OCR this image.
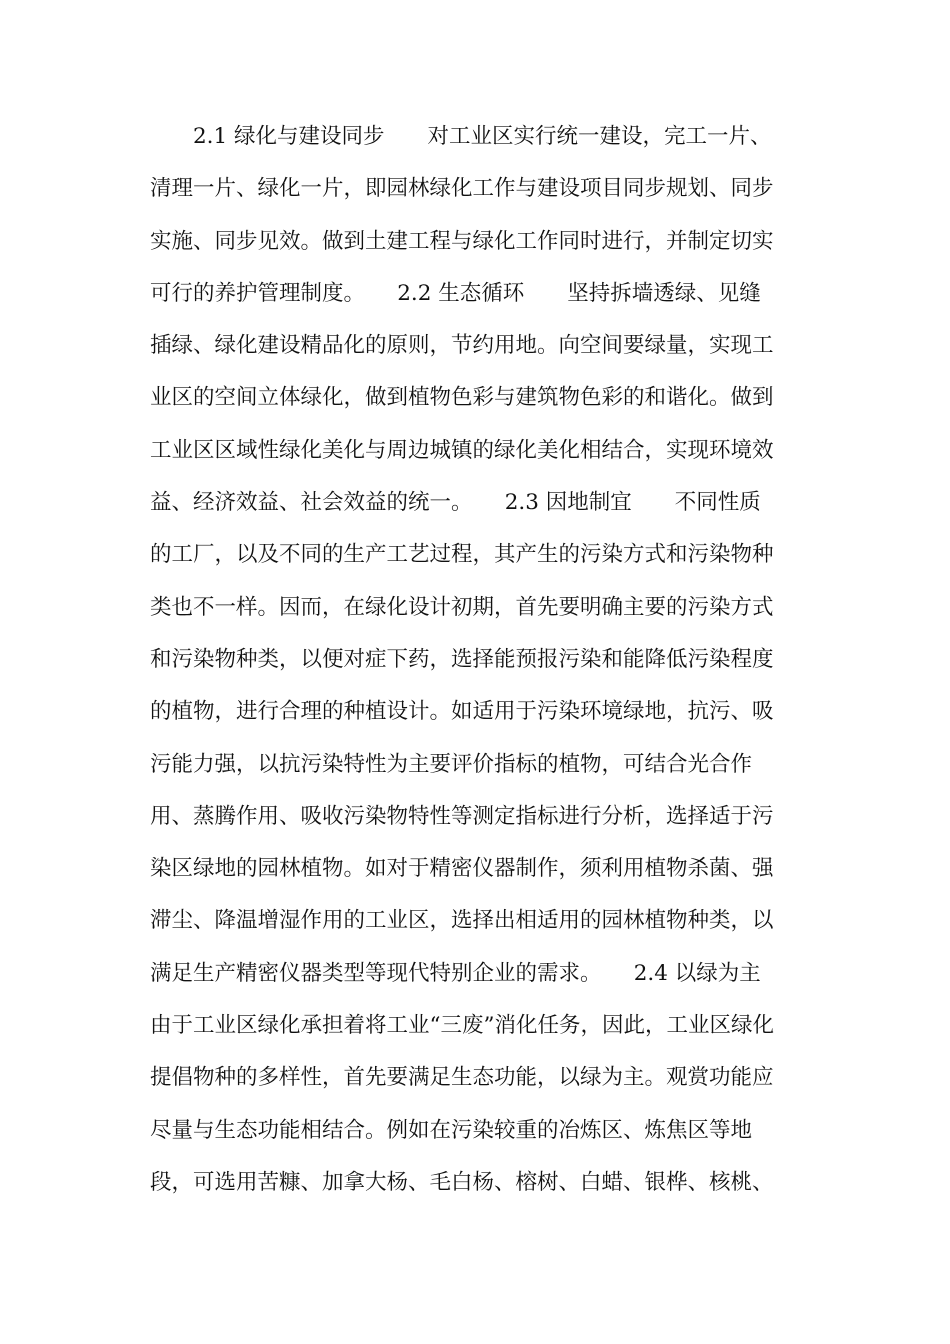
　　2.1 绿化与建设同步　　对工业区实行统一建设，完工一片、
清理一片、绿化一片，即园林绿化工作与建设项目同步规划、同步
实施、同步见效。做到土建工程与绿化工作同时进行，并制定切实
可行的养护管理制度。　　2.2 生态循环　　坚持拆墙透绿、见缝
插绿、绿化建设精品化的原则，节约用地。向空间要绿量，实现工
业区的空间立体绿化，做到植物色彩与建筑物色彩的和谐化。做到
工业区区域性绿化美化与周边城镇的绿化美化相结合，实现环境效
益、经济效益、社会效益的统一。　　2.3 因地制宜　　不同性质
的工厂，以及不同的生产工艺过程，其产生的污染方式和污染物种
类也不一样。因而，在绿化设计初期，首先要明确主要的污染方式
和污染物种类，以便对症下药，选择能预报污染和能降低污染程度
的植物，进行合理的种植设计。如适用于污染环境绿地，抗污、吸
污能力强，以抗污染特性为主要评价指标的植物，可结合光合作
用、蒸腾作用、吸收污染物特性等测定指标进行分析，选择适于污
染区绿地的园林植物。如对于精密仪器制作，须利用植物杀菌、强
滞尘、降温增湿作用的工业区，选择出相适用的园林植物种类，以
满足生产精密仪器类型等现代特别企业的需求。　　2.4 以绿为主
由于工业区绿化承担着将工业“三废”消化任务，因此，工业区绿化
提倡物种的多样性，首先要满足生态功能，以绿为主。观赏功能应
尽量与生态功能相结合。例如在污染较重的冶炼区、炼焦区等地
段，可选用苦糠、加拿大杨、毛白杨、榕树、白蜡、银桦、核桃、
